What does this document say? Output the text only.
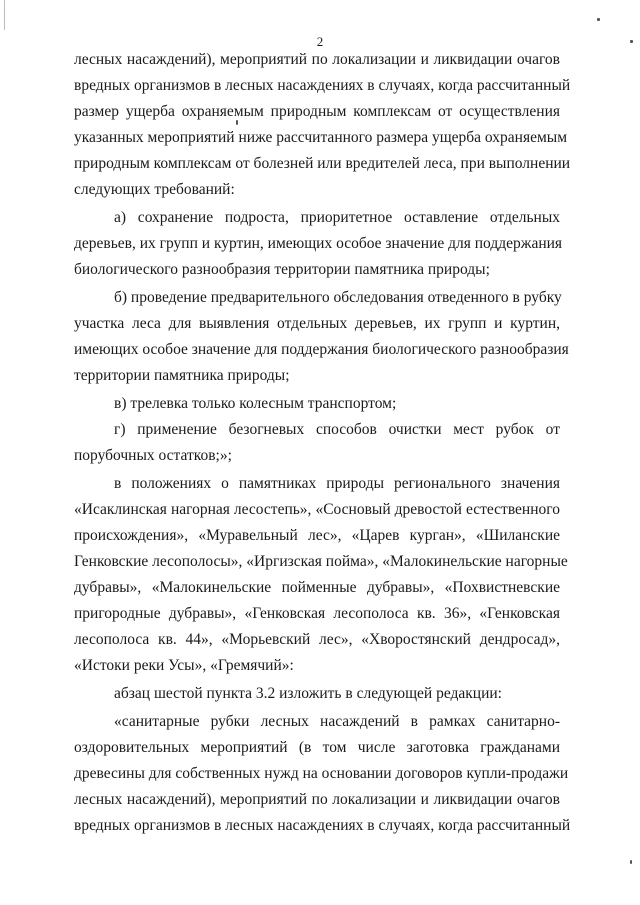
2
лесных насаждений), мероприятий по локализации и ликвидации очагов
вредных организмов в лесных насаждениях в случаях, когда рассчитанный
размер ущерба охраняемым природным комплексам от осуществления
указанных мероприятий ниже рассчитанного размера ущерба охраняемым
природным комплексам от болезней или вредителей леса, при выполнении
следующих требований:
а) сохранение подроста, приоритетное оставление отдельных
деревьев, их групп и куртин, имеющих особое значение для поддержания
биологического разнообразия территории памятника природы;
б) проведение предварительного обследования отведенного в рубку
участка леса для выявления отдельных деревьев, их групп и куртин,
имеющих особое значение для поддержания биологического разнообразия
территории памятника природы;
в) трелевка только колесным транспортом;
г) применение безогневых способов очистки мест рубок от
порубочных остатков;»;
в положениях о памятниках природы регионального значения
«Исаклинская нагорная лесостепь», «Сосновый древостой естественного
происхождения», «Муравельный лес», «Царев курган», «Шиланские
Генковские лесополосы», «Иргизская пойма», «Малокинельские нагорные
дубравы», «Малокинельские пойменные дубравы», «Похвистневские
пригородные дубравы», «Генковская лесополоса кв. 36», «Генковская
лесополоса кв. 44», «Морьевский лес», «Хворостянский дендросад»,
«Истоки реки Усы», «Гремячий»:
абзац шестой пункта 3.2 изложить в следующей редакции:
«санитарные рубки лесных насаждений в рамках санитарно-
оздоровительных мероприятий (в том числе заготовка гражданами
древесины для собственных нужд на основании договоров купли-продажи
лесных насаждений), мероприятий по локализации и ликвидации очагов
вредных организмов в лесных насаждениях в случаях, когда рассчитанный
